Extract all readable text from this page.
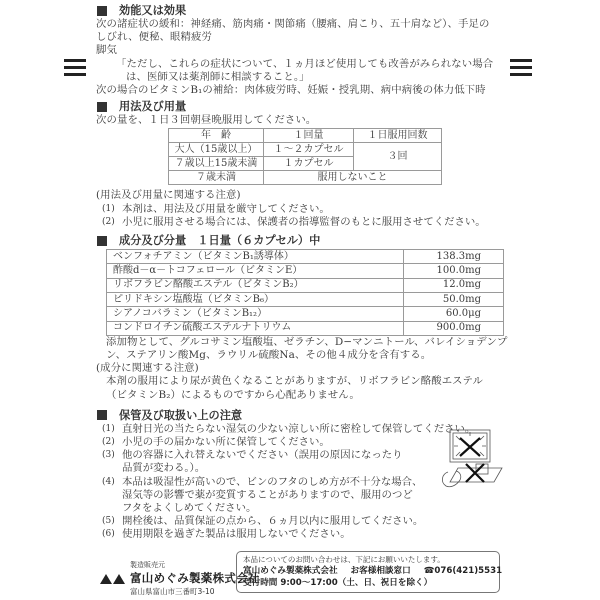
効能又は効果
次の諸症状の緩和：神経痛、筋肉痛・関節痛（腰痛、肩こり、五十肩など）、手足の
しびれ、便秘、眼精疲労
脚気
「ただし、これらの症状について、１ヵ月ほど使用しても改善がみられない場合
は、医師又は薬剤師に相談すること。」
次の場合のビタミンB₁の補給：肉体疲労時、妊娠・授乳期、病中病後の体力低下時
用法及び用量
次の量を、１日３回朝昼晩服用してください。
年　齢	１回量	１日服用回数
大人（15歳以上）	１～２カプセル	３回
７歳以上15歳未満	１カプセル	
７歳未満	服用しないこと	
(用法及び用量に関連する注意)
(1) 本剤は、用法及び用量を厳守してください。
(2) 小児に服用させる場合には、保護者の指導監督のもとに服用させてください。
成分及び分量　１日量（６カプセル）中
ベンフォチアミン（ビタミンB₁誘導体）	138.3mg
酢酸d－α－トコフェロール（ビタミンE）	100.0mg
リボフラビン酪酸エステル（ビタミンB₂）	12.0mg
ピリドキシン塩酸塩（ビタミンB₆）	50.0mg
シアノコバラミン（ビタミンB₁₂）	60.0μg
コンドロイチン硫酸エステルナトリウム	900.0mg
添加物として、グルコサミン塩酸塩、ゼラチン、D−マンニトール、バレイショデンプ
ン、ステアリン酸Mg、ラウリル硫酸Na、その他４成分を含有する。
(成分に関連する注意)
本剤の服用により尿が黄色くなることがありますが、リボフラビン酪酸エステル
（ビタミンB₂）によるものですから心配ありません。
保管及び取扱い上の注意
(1) 直射日光の当たらない湿気の少ない涼しい所に密栓して保管してください。
(2) 小児の手の届かない所に保管してください。
(3) 他の容器に入れ替えないでください（誤用の原因になったり
品質が変わる。）。
(4) 本品は吸湿性が高いので、ビンのフタのしめ方が不十分な場合、
湿気等の影響で薬が変質することがありますので、服用のつど
フタをよくしめてください。
(5) 開栓後は、品質保証の点から、６ヵ月以内に服用してください。
(6) 使用期限を過ぎた製品は服用しないでください。
製造販売元
富山めぐみ製薬株式会社
富山県富山市三番町3-10
本品についてのお問い合わせは、下記にお願いいたします。
富山めぐみ製薬株式会社 お客様相談窓口 ☎076(421)5531
受付時間 9:00～17:00（土、日、祝日を除く）
